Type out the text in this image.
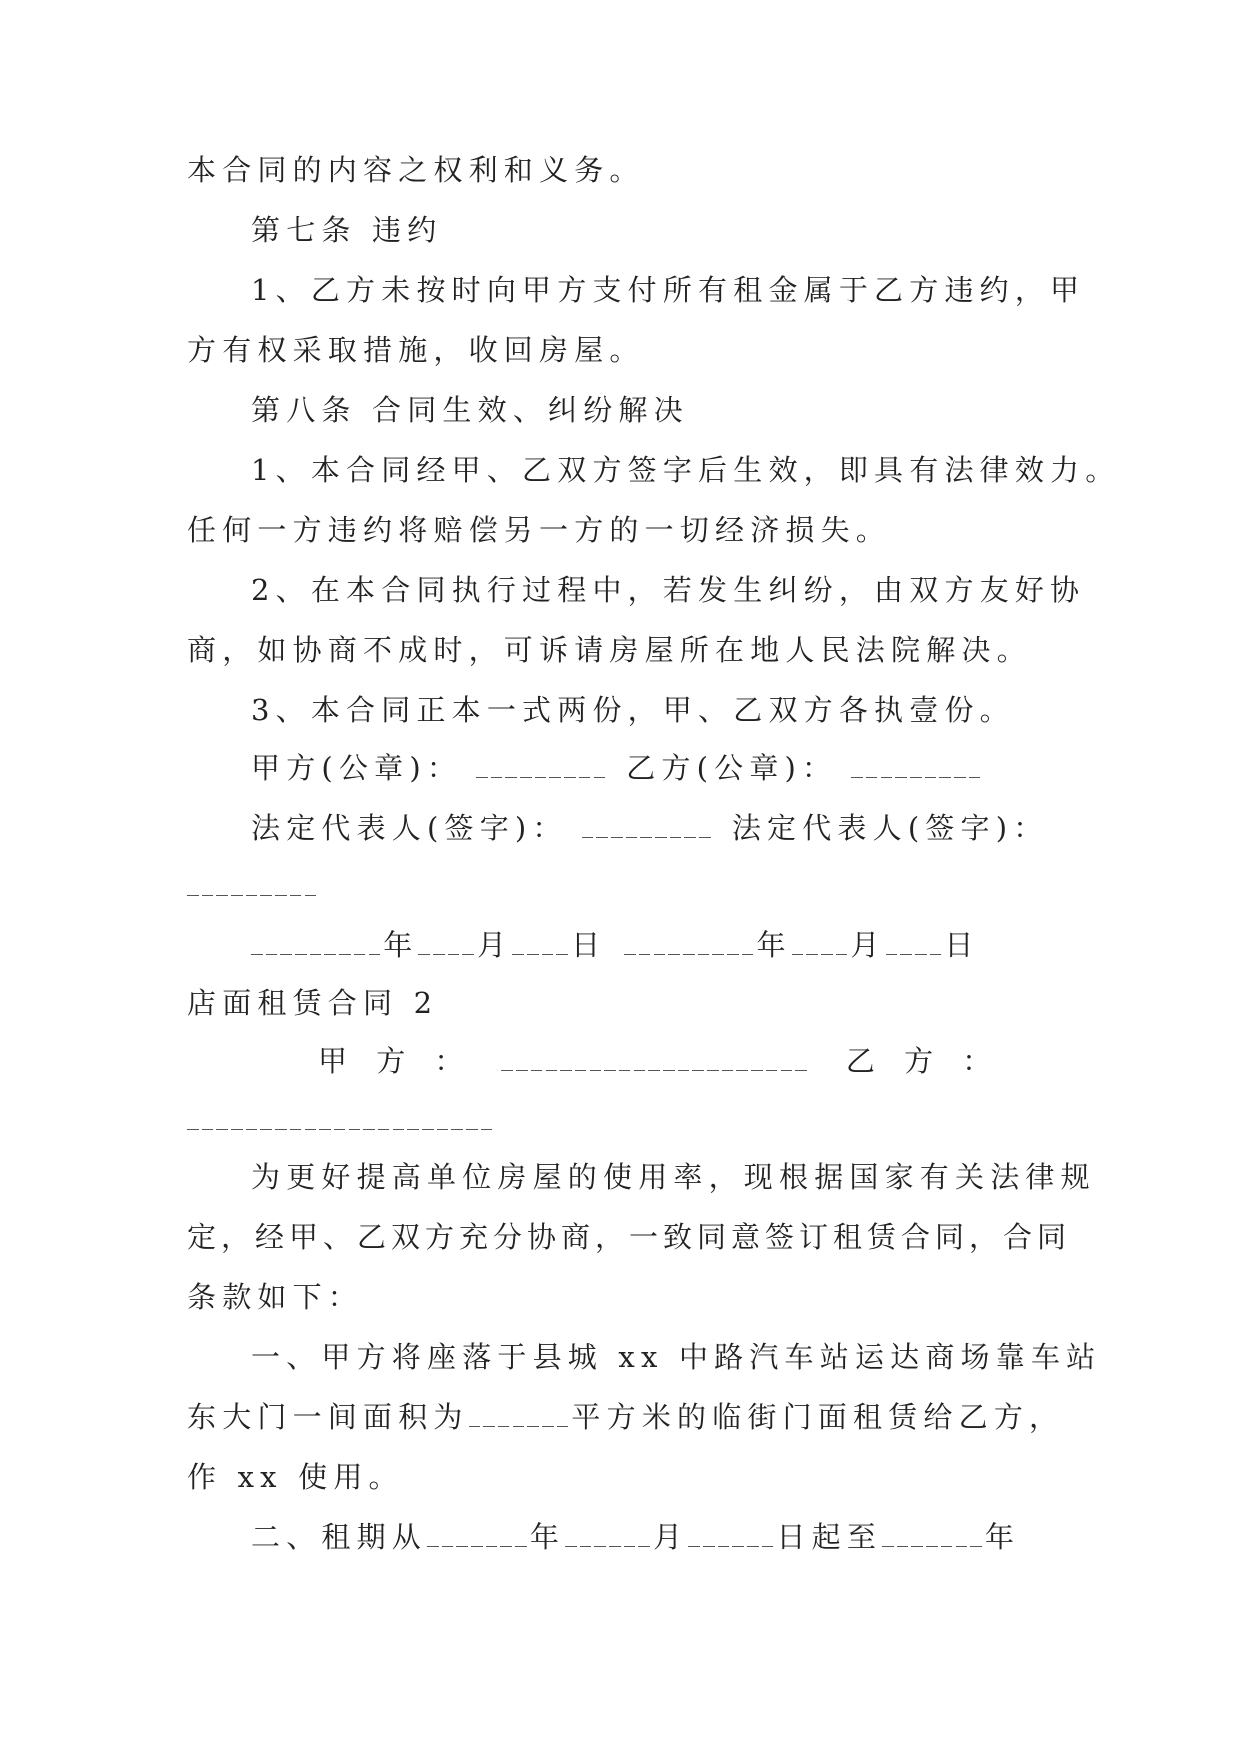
本合同的内容之权利和义务。

第七条 违约

1、乙方未按时向甲方支付所有租金属于乙方违约，甲

方有权采取措施，收回房屋。

第八条 合同生效、纠纷解决

1、本合同经甲、乙双方签字后生效，即具有法律效力。

任何一方违约将赔偿另一方的一切经济损失。

2、在本合同执行过程中，若发生纠纷，由双方友好协

商，如协商不成时，可诉请房屋所在地人民法院解决。

3、本合同正本一式两份，甲、乙双方各执壹份。

甲方(公章)：	乙方(公章)：

法定代表人(签字)：	法定代表人(签字)：

年 月 日	年 月 日

店面租赁合同 2

甲 方 ：	乙 方 ：

为更好提高单位房屋的使用率，现根据国家有关法律规

定，经甲、乙双方充分协商，一致同意签订租赁合同，合同

条款如下：

一、甲方将座落于县城 xx 中路汽车站运达商场靠车站

东大门一间面积为	平方米的临街门面租赁给乙方，

作 xx 使用。

二、租期从	年	月	日起至	年
